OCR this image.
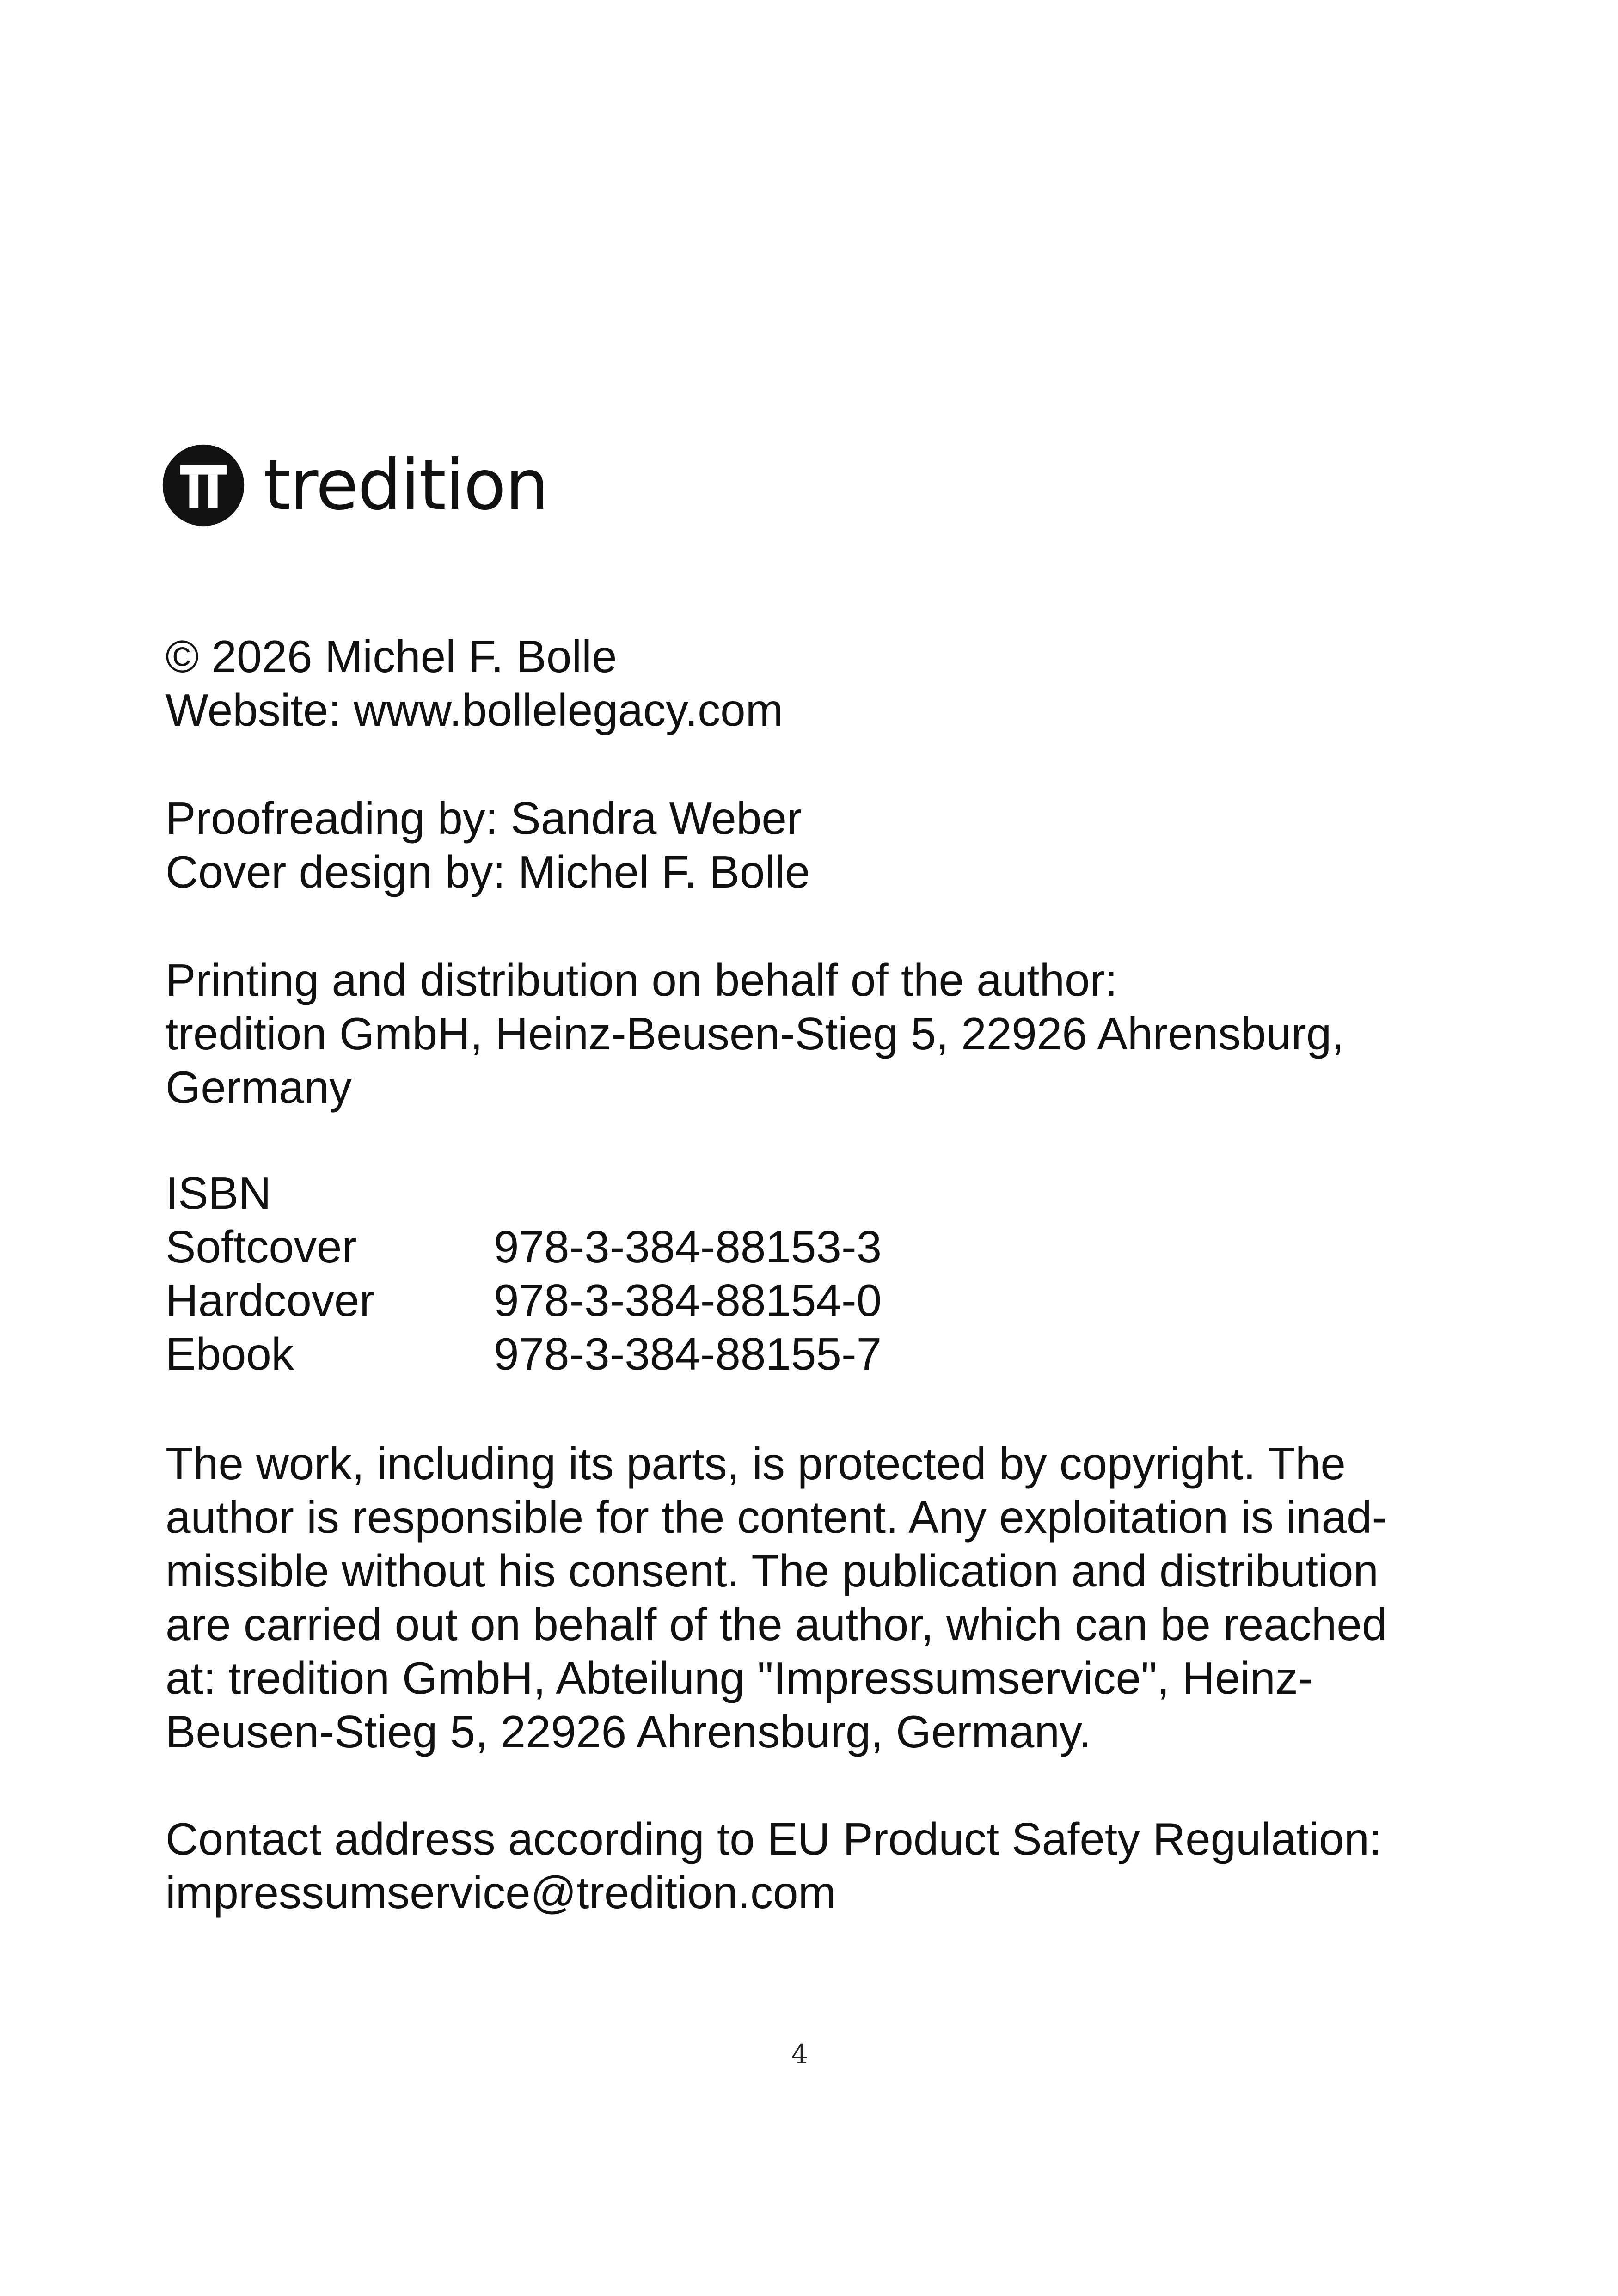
tredition
© 2026 Michel F. Bolle
Website: www.bollelegacy.com
Proofreading by: Sandra Weber
Cover design by: Michel F. Bolle
Printing and distribution on behalf of the author:
tredition GmbH, Heinz-Beusen-Stieg 5, 22926 Ahrensburg,
Germany
ISBN
Softcover	978-3-384-88153-3
Hardcover	978-3-384-88154-0
Ebook	978-3-384-88155-7
The work, including its parts, is protected by copyright. The
author is responsible for the content. Any exploitation is inad-
missible without his consent. The publication and distribution
are carried out on behalf of the author, which can be reached
at: tredition GmbH, Abteilung "Impressumservice", Heinz-
Beusen-Stieg 5, 22926 Ahrensburg, Germany.
Contact address according to EU Product Safety Regulation:
impressumservice@tredition.com
4
